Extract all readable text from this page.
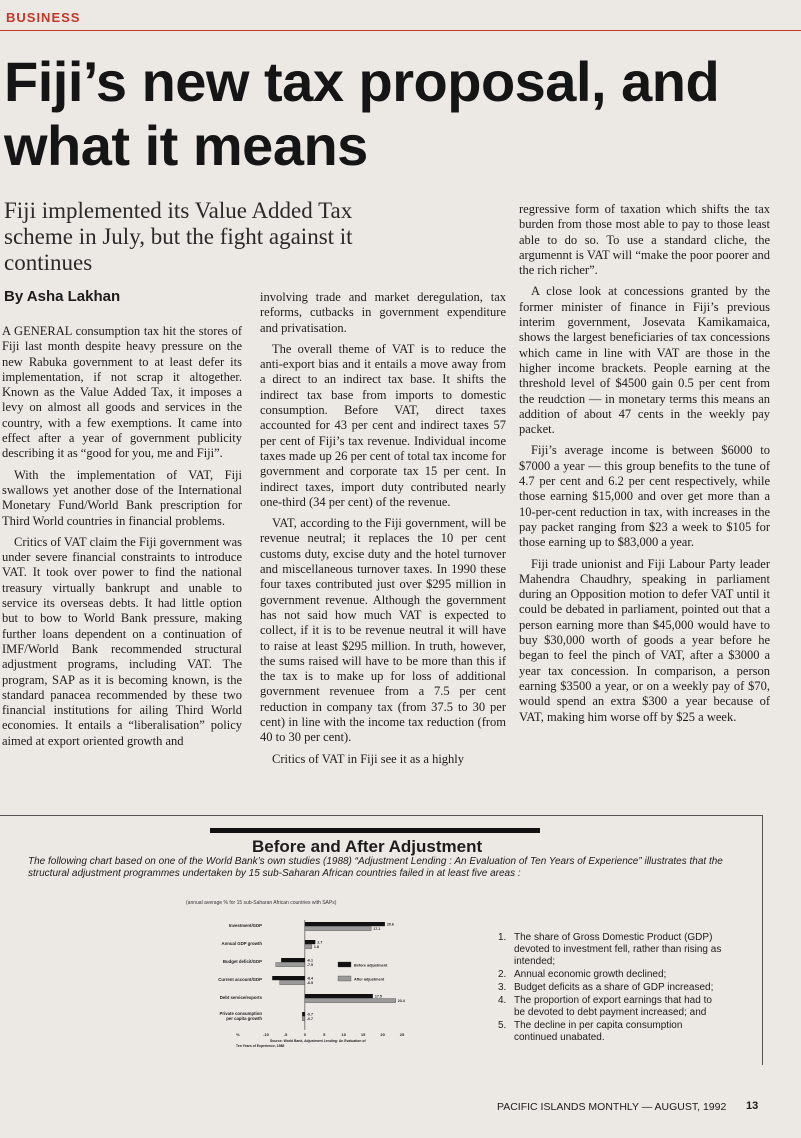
BUSINESS
Fiji’s new tax proposal, and what it means

Fiji implemented its Value Added Tax scheme in July, but the fight against it continues

By Asha Lakhan

A GENERAL consumption tax hit the stores of Fiji last month despite heavy pressure on the new Rabuka government to at least defer its implementation, if not scrap it altogether. Known as the Value Added Tax, it imposes a levy on almost all goods and services in the country, with a few exemptions. It came into effect after a year of government publicity describing it as “good for you, me and Fiji”.

With the implementation of VAT, Fiji swallows yet another dose of the International Monetary Fund/World Bank prescription for Third World countries in financial problems.

Critics of VAT claim the Fiji government was under severe financial constraints to introduce VAT. It took over power to find the national treasury virtually bankrupt and unable to service its overseas debts. It had little option but to bow to World Bank pressure, making further loans dependent on a continuation of IMF/World Bank recommended structural adjustment programs, including VAT. The program, SAP as it is becoming known, is the standard panacea recommended by these two financial institutions for ailing Third World economies. It entails a “liberalisation” policy aimed at export oriented growth and

involving trade and market deregulation, tax reforms, cutbacks in government expenditure and privatisation.

The overall theme of VAT is to reduce the anti-export bias and it entails a move away from a direct to an indirect tax base. It shifts the indirect tax base from imports to domestic consumption. Before VAT, direct taxes accounted for 43 per cent and indirect taxes 57 per cent of Fiji’s tax revenue. Individual income taxes made up 26 per cent of total tax income for government and corporate tax 15 per cent. In indirect taxes, import duty contributed nearly one-third (34 per cent) of the revenue.

VAT, according to the Fiji government, will be revenue neutral; it replaces the 10 per cent customs duty, excise duty and the hotel turnover and miscellaneous turnover taxes. In 1990 these four taxes contributed just over $295 million in government revenue. Although the government has not said how much VAT is expected to collect, if it is to be revenue neutral it will have to raise at least $295 million. In truth, however, the sums raised will have to be more than this if the tax is to make up for loss of additional government revenuee from a 7.5 per cent reduction in company tax (from 37.5 to 30 per cent) in line with the income tax reduction (from 40 to 30 per cent).

Critics of VAT in Fiji see it as a highly

regressive form of taxation which shifts the tax burden from those most able to pay to those least able to do so. To use a standard cliche, the argumennt is VAT will “make the poor poorer and the rich richer”.

A close look at concessions granted by the former minister of finance in Fiji’s previous interim government, Josevata Kamikamaica, shows the largest beneficiaries of tax concessions which came in line with VAT are those in the higher income brackets. People earning at the threshold level of $4500 gain 0.5 per cent from the reudction — in monetary terms this means an addition of about 47 cents in the weekly pay packet.

Fiji’s average income is between $6000 to $7000 a year — this group benefits to the tune of 4.7 per cent and 6.2 per cent respectively, while those earning $15,000 and over get more than a 10-per-cent reduction in tax, with increases in the pay packet ranging from $23 a week to $105 for those earning up to $83,000 a year.

Fiji trade unionist and Fiji Labour Party leader Mahendra Chaudhry, speaking in parliament during an Opposition motion to defer VAT until it could be debated in parliament, pointed out that a person earning more than $45,000 would have to buy $30,000 worth of goods a year before he began to feel the pinch of VAT, after a $3000 a year tax concession. In comparison, a person earning $3500 a year, or on a weekly pay of $70, would spend an extra $300 a year because of VAT, making him worse off by $25 a week.

Before and After Adjustment
The following chart based on one of the World Bank’s own studies (1988) “Adjustment Lending : An Evaluation of Ten Years of Experience” illustrates that the structural adjustment programmes undertaken by 15 sub-Saharan African countries failed in at least five areas :
(annual average % for 15 sub-Saharan African countries with SAPs)
Investment/GDP	20.6
17.1
Annual GDP growth	2.7
1.8
Budget deficit/GDP	-6.1
-7.5
Current account/GDP	-8.4
-6.5
Debt service/exports	17.5
23.4
Private consumption
per capita growth
-0.7
-0.7
Before adjustment
After adjustment
%	-10	-5	0	5	10	15	20	25
Source: World Bank, Adjustment Lending: An Evaluation of
Ten Years of Experience, 1988
1. The share of Gross Domestic Product (GDP) devoted to investment fell, rather than rising as intended;
2. Annual economic growth declined;
3. Budget deficits as a share of GDP increased;
4. The proportion of export earnings that had to be devoted to debt payment increased; and
5. The decline in per capita consumption continued unabated.
PACIFIC ISLANDS MONTHLY — AUGUST, 1992 13
